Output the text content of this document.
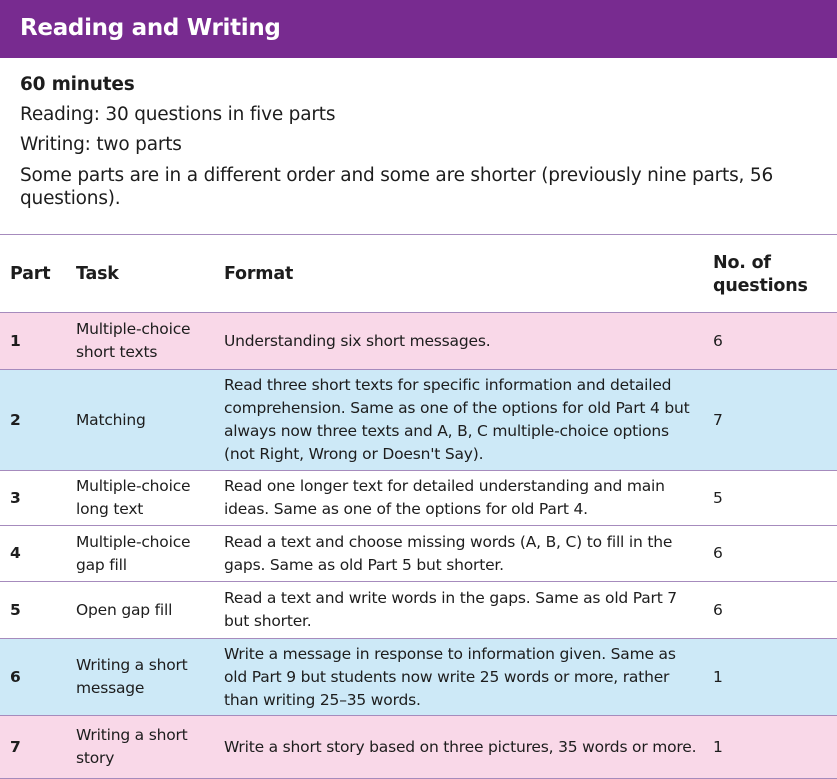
Reading and Writing

60 minutes

Reading: 30 questions in five parts

Writing: two parts

Some parts are in a different order and some are shorter (previously nine parts, 56 questions).

Part	Task	Format	No. of questions
1	Multiple-choice short texts	Understanding six short messages.	6
2	Matching	Read three short texts for specific information and detailed comprehension. Same as one of the options for old Part 4 but always now three texts and A, B, C multiple-choice options (not Right, Wrong or Doesn't Say).	7
3	Multiple-choice long text	Read one longer text for detailed understanding and main ideas. Same as one of the options for old Part 4.	5
4	Multiple-choice gap fill	Read a text and choose missing words (A, B, C) to fill in the gaps. Same as old Part 5 but shorter.	6
5	Open gap fill	Read a text and write words in the gaps. Same as old Part 7 but shorter.	6
6	Writing a short message	Write a message in response to information given. Same as old Part 9 but students now write 25 words or more, rather than writing 25–35 words.	1
7	Writing a short story	Write a short story based on three pictures, 35 words or more.	1
